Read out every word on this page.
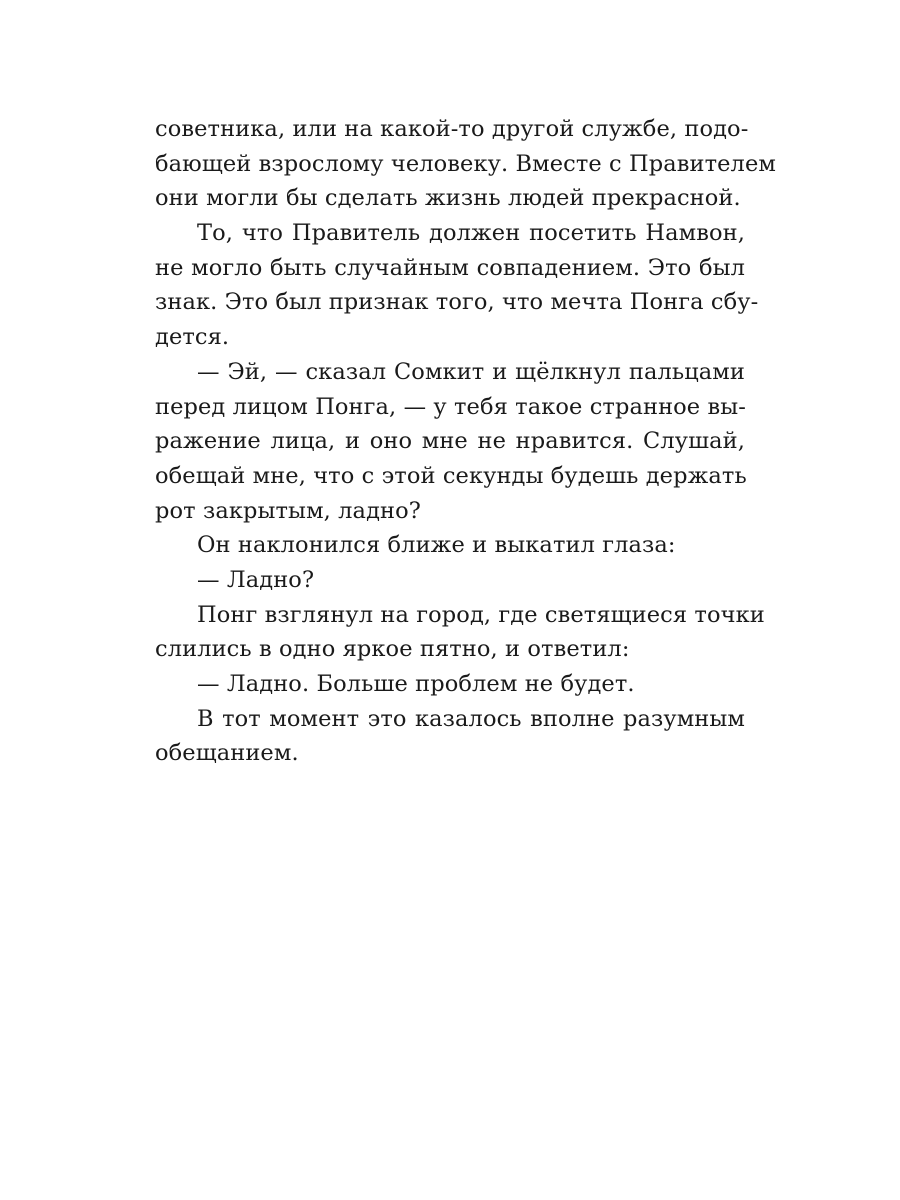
советника, или на какой-то другой службе, подо-
бающей взрослому человеку. Вместе с Правителем
они могли бы сделать жизнь людей прекрасной.
То, что Правитель должен посетить Намвон,
не могло быть случайным совпадением. Это был
знак. Это был признак того, что мечта Понга сбу-
дется.
— Эй, — сказал Сомкит и щёлкнул пальцами
перед лицом Понга, — у тебя такое странное вы-
ражение лица, и оно мне не нравится. Слушай,
обещай мне, что с этой секунды будешь держать
рот закрытым, ладно?
Он наклонился ближе и выкатил глаза:
— Ладно?
Понг взглянул на город, где светящиеся точки
слились в одно яркое пятно, и ответил:
— Ладно. Больше проблем не будет.
В тот момент это казалось вполне разумным
обещанием.
